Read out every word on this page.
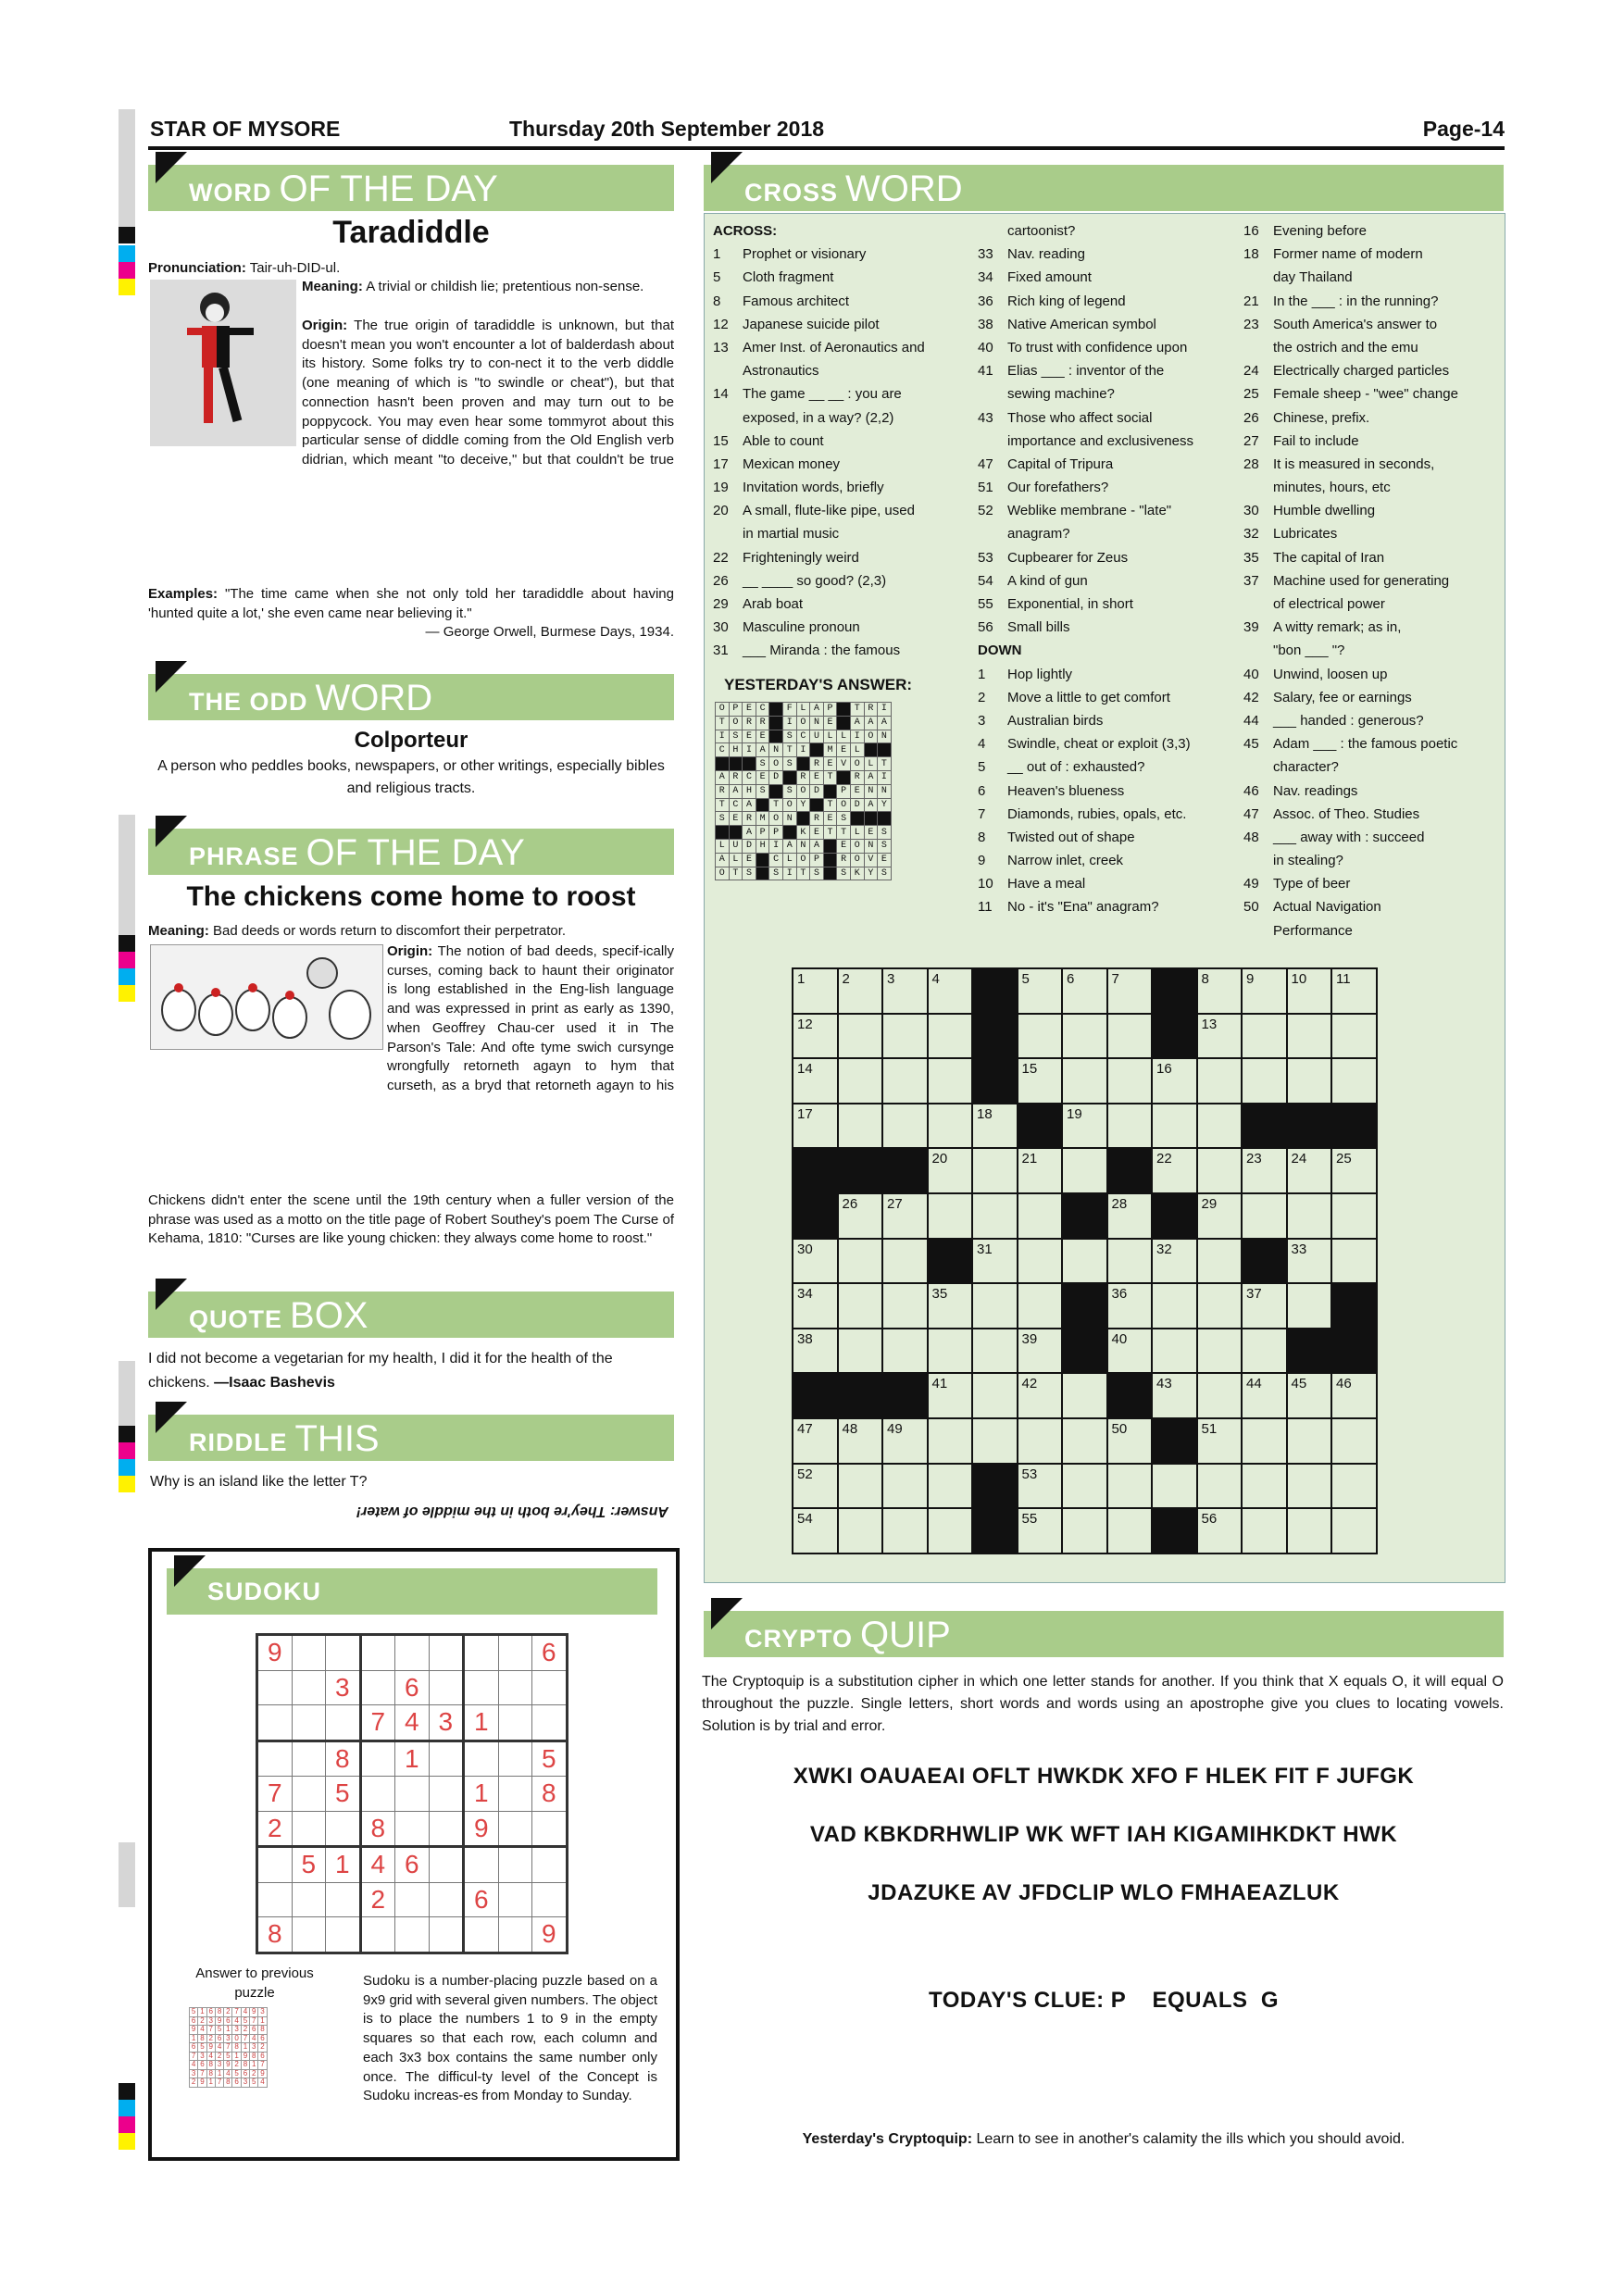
STAR OF MYSORE	Thursday 20th September 2018	Page-14
WORD OF THE DAY
Taradiddle
Pronunciation: Tair-uh-DID-ul.
Meaning: A trivial or childish lie; pretentious non-sense.
Origin: The true origin of taradiddle is unknown, but that doesn't mean you won't encounter a lot of balderdash about its history. Some folks try to con-nect it to the verb diddle (one meaning of which is "to swindle or cheat"), but that connection hasn't been proven and may turn out to be poppycock. You may even hear some tommyrot about this particular sense of diddle coming from the Old English verb didrian, which meant "to deceive," but that couldn't be true
Examples: "The time came when she not only told her taradiddle about having 'hunted quite a lot,' she even came near believing it."
— George Orwell, Burmese Days, 1934.
THE ODD WORD
Colporteur
A person who peddles books, newspapers, or other writings, especially bibles and religious tracts.
PHRASE OF THE DAY
The chickens come home to roost
Meaning: Bad deeds or words return to discomfort their perpetrator.
Origin: The notion of bad deeds, specif-ically curses, coming back to haunt their originator is long established in the Eng-lish language and was expressed in print as early as 1390, when Geoffrey Chau-cer used it in The Parson's Tale: And ofte tyme swich cursynge wrongfully retorneth agayn to hym that curseth, as a bryd that retorneth agayn to his
Chickens didn't enter the scene until the 19th century when a fuller version of the phrase was used as a motto on the title page of Robert Southey's poem The Curse of Kehama, 1810: "Curses are like young chicken: they always come home to roost."
QUOTE BOX
I did not become a vegetarian for my health, I did it for the health of the chickens. —Isaac Bashevis
RIDDLE THIS
Why is an island like the letter T?
Answer: They're both in the middle of water!
SUDOKU
9								6
		3		6				
			7	4	3	1		
		8		1				5
7		5				1		8
2			8			9		
	5	1	4	6				
			2			6		
8								9
Answer to previous puzzle
5	1	6	8	2	7	4	9	3
6	2	3	9	6	4	5	7	1
9	4	7	5	1	3	2	6	8
1	8	2	6	3	0	7	4	6
6	5	9	4	7	8	1	3	2
7	3	4	2	5	1	9	8	6
4	6	8	3	9	2	8	1	7
3	7	8	1	4	5	6	2	9
2	9	1	7	8	6	3	5	4
Sudoku is a number-placing puzzle based on a 9x9 grid with several given numbers. The object is to place the numbers 1 to 9 in the empty squares so that each row, each column and each 3x3 box contains the same number only once. The difficul-ty level of the Concept is Sudoku increas-es from Monday to Sunday.
CROSS WORD
ACROSS:
1 Prophet or visionary
5 Cloth fragment
8 Famous architect
12 Japanese suicide pilot
13 Amer Inst. of Aeronautics and
Astronautics
14 The game __ __ : you are
exposed, in a way? (2,2)
15 Able to count
17 Mexican money
19 Invitation words, briefly
20 A small, flute-like pipe, used
in martial music
22 Frighteningly weird
26 __ ____ so good? (2,3)
29 Arab boat
30 Masculine pronoun
31 ___ Miranda : the famous
cartoonist?
33 Nav. reading
34 Fixed amount
36 Rich king of legend
38 Native American symbol
40 To trust with confidence upon
41 Elias ___ : inventor of the
sewing machine?
43 Those who affect social
importance and exclusiveness
47 Capital of Tripura
51 Our forefathers?
52 Weblike membrane - "late"
anagram?
53 Cupbearer for Zeus
54 A kind of gun
55 Exponential, in short
56 Small bills
DOWN
1 Hop lightly
2 Move a little to get comfort
3 Australian birds
4 Swindle, cheat or exploit (3,3)
5 __ out of : exhausted?
6 Heaven's blueness
7 Diamonds, rubies, opals, etc.
8 Twisted out of shape
9 Narrow inlet, creek
10 Have a meal
11 No - it's "Ena" anagram?
16 Evening before
18 Former name of modern
day Thailand
21 In the ___ : in the running?
23 South America's answer to
the ostrich and the emu
24 Electrically charged particles
25 Female sheep - "wee" change
26 Chinese, prefix.
27 Fail to include
28 It is measured in seconds,
minutes, hours, etc
30 Humble dwelling
32 Lubricates
35 The capital of Iran
37 Machine used for generating
of electrical power
39 A witty remark; as in,
"bon ___ "?
40 Unwind, loosen up
42 Salary, fee or earnings
44 ___ handed : generous?
45 Adam ___ : the famous poetic
character?
46 Nav. readings
47 Assoc. of Theo. Studies
48 ___ away with : succeed
in stealing?
49 Type of beer
50 Actual Navigation
Performance
YESTERDAY'S ANSWER:
O	P	E	C		F	L	A	P		T	R	I
T	O	R	R		I	O	N	E		A	A	A
I	S	E	E		S	C	U	L	L	I	O	N
C	H	I	A	N	T	I		M	E	L		
			S	O	S		R	E	V	O	L	T
A	R	C	E	D		R	E	T		R	A	I
R	A	H	S		S	O	D		P	E	N	N
T	C	A		T	O	Y		T	O	D	A	Y
S	E	R	M	O	N		R	E	S			
		A	P	P		K	E	T	T	L	E	S
L	U	D	H	I	A	N	A		E	O	N	S
A	L	E		C	L	O	P		R	O	V	E
O	T	S		S	I	T	S		S	K	Y	S
1	2	3	4		5	6	7		8	9	10	11

12									13			

14					15			16				

17				18		19						

			20		21			22		23	24	25

	26	27					28		29			

30				31				32			33	

34			35				36			37		

38					39		40					

			41		42			43		44	45	46

47	48	49					50		51			

52					53							

54					55				56			

CRYPTO QUIP
The Cryptoquip is a substitution cipher in which one letter stands for another. If you think that X equals O, it will equal O throughout the puzzle. Single letters, short words and words using an apostrophe give you clues to locating vowels. Solution is by trial and error.
XWKI OAUAEAI OFLT HWKDK XFO F HLEK FIT F JUFGK
VAD KBKDRHWLIP WK WFT IAH KIGAMIHKDKT HWK
JDAZUKE AV JFDCLIP WLO FMHAEAZLUK
TODAY'S CLUE: P    EQUALS  G
Yesterday's Cryptoquip: Learn to see in another's calamity the ills which you should avoid.
